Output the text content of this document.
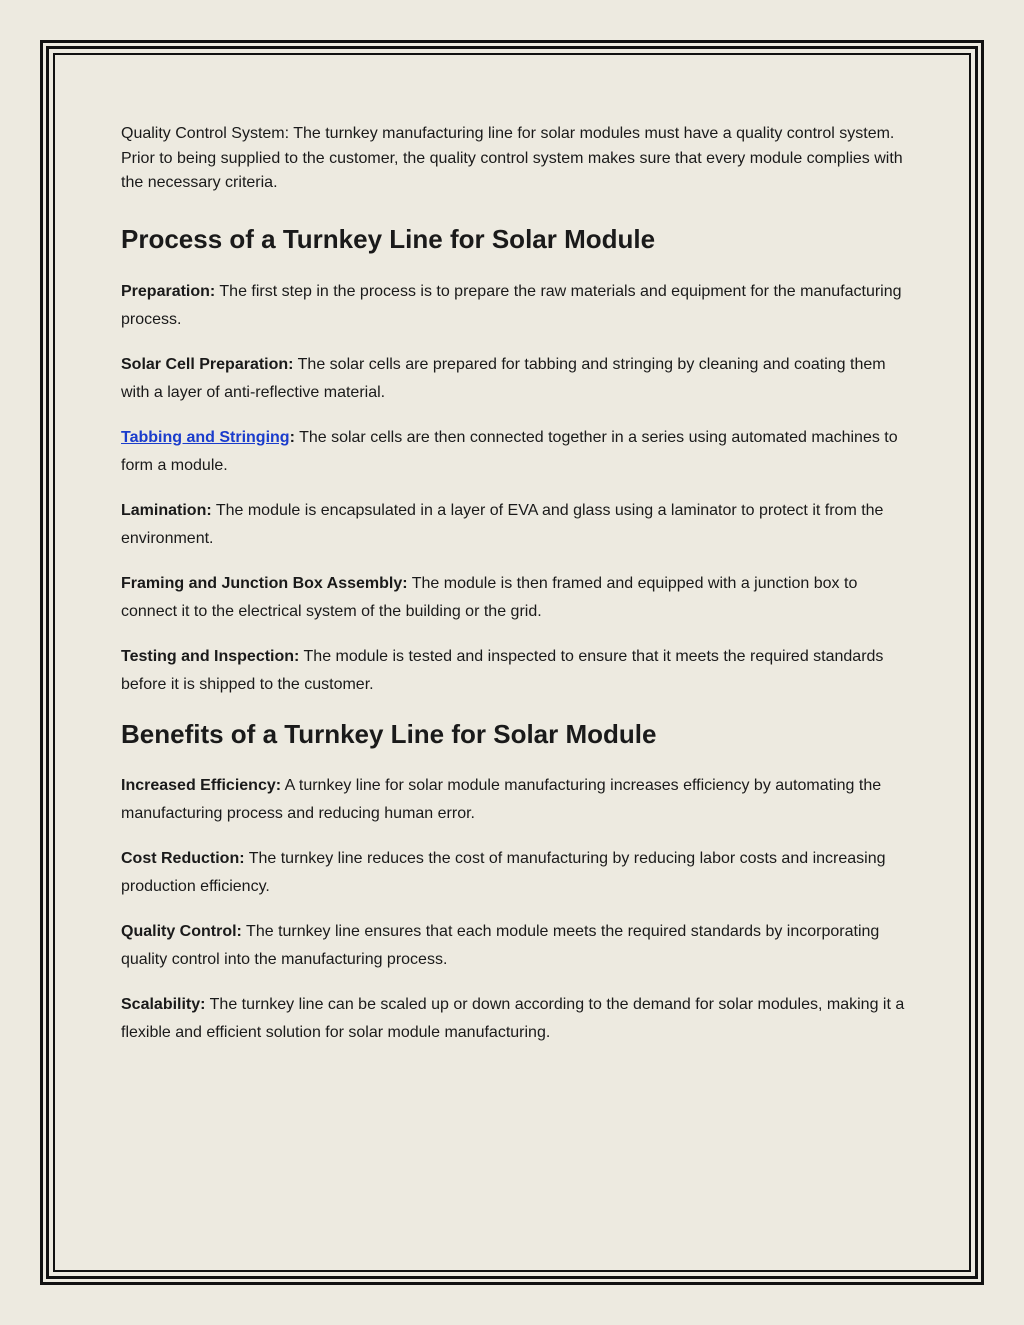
Quality Control System: The turnkey manufacturing line for solar modules must have a quality control system. Prior to being supplied to the customer, the quality control system makes sure that every module complies with the necessary criteria.

Process of a Turnkey Line for Solar Module

Preparation: The first step in the process is to prepare the raw materials and equipment for the manufacturing process.

Solar Cell Preparation: The solar cells are prepared for tabbing and stringing by cleaning and coating them with a layer of anti-reflective material.

Tabbing and Stringing: The solar cells are then connected together in a series using automated machines to form a module.

Lamination: The module is encapsulated in a layer of EVA and glass using a laminator to protect it from the environment.

Framing and Junction Box Assembly: The module is then framed and equipped with a junction box to connect it to the electrical system of the building or the grid.

Testing and Inspection: The module is tested and inspected to ensure that it meets the required standards before it is shipped to the customer.

Benefits of a Turnkey Line for Solar Module

Increased Efficiency: A turnkey line for solar module manufacturing increases efficiency by automating the manufacturing process and reducing human error.

Cost Reduction: The turnkey line reduces the cost of manufacturing by reducing labor costs and increasing production efficiency.

Quality Control: The turnkey line ensures that each module meets the required standards by incorporating quality control into the manufacturing process.

Scalability: The turnkey line can be scaled up or down according to the demand for solar modules, making it a flexible and efficient solution for solar module manufacturing.
